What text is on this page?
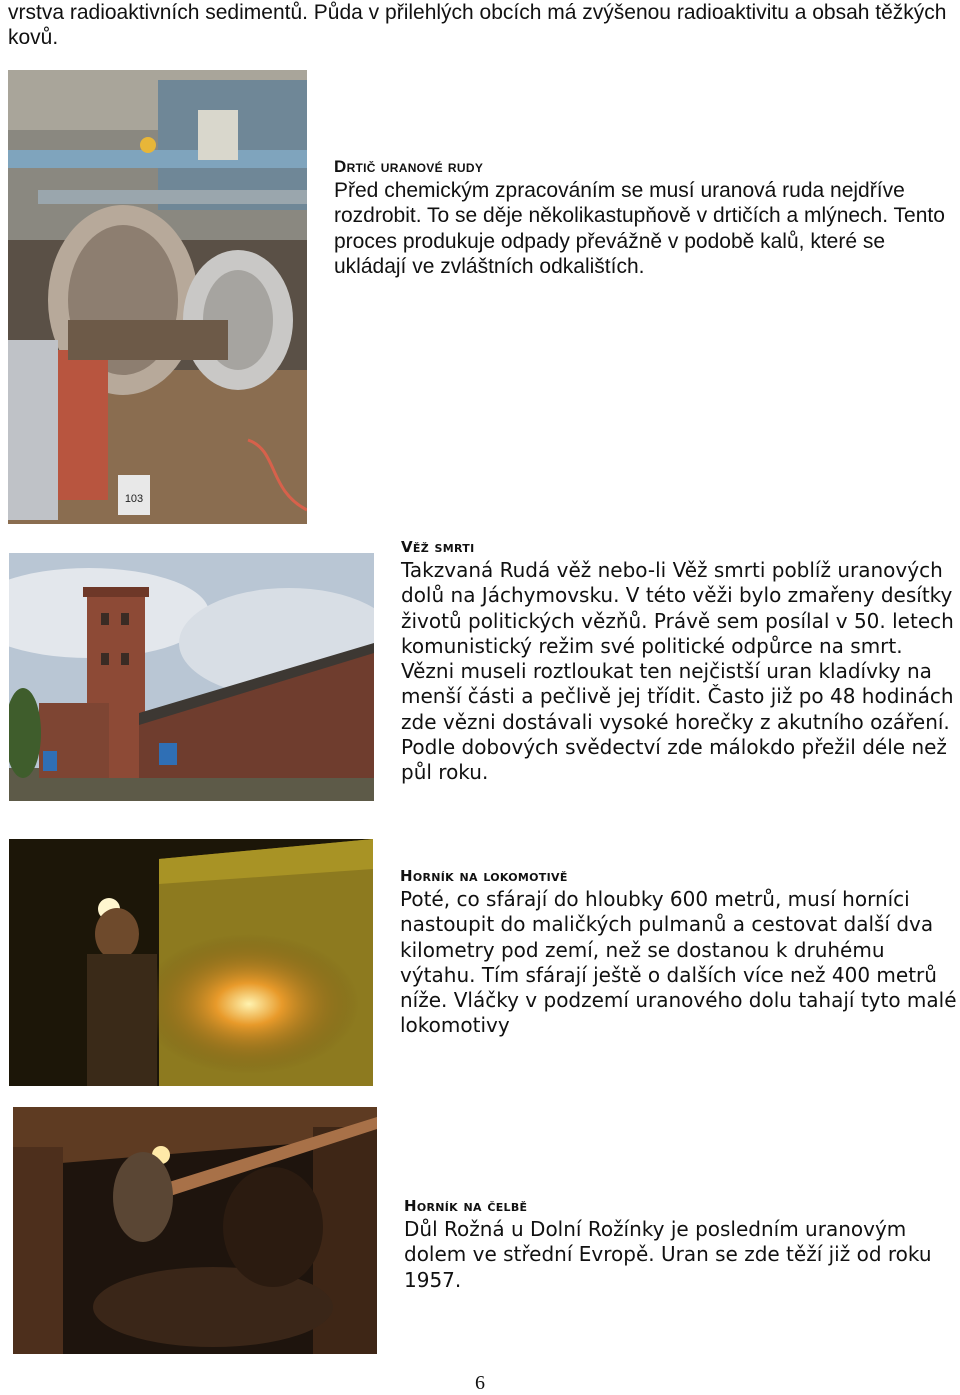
vrstva radioaktivních sedimentů. Půda v přilehlých obcích má zvýšenou radioaktivitu a obsah těžkých kovů.
103
Drtič uranové rudy
Před chemickým zpracováním se musí uranová ruda nejdříve rozdrobit. To se děje několikastupňově v drtičích a mlýnech. Tento proces produkuje odpady převážně v podobě kalů, které se ukládají ve zvláštních odkalištích.
Věž smrti
Takzvaná Rudá věž nebo-li Věž smrti poblíž uranových dolů na Jáchymovsku. V této věži bylo zmařeny desítky životů politických vězňů. Právě sem posílal v 50. letech komunistický režim své politické odpůrce na smrt. Vězni museli roztloukat ten nejčistší uran kladívky na menší části a pečlivě jej třídit. Často již po 48 hodinách zde vězni dostávali vysoké horečky z akutního ozáření. Podle dobových svědectví zde málokdo přežil déle než půl roku.
Horník na lokomotivě
Poté, co sfárají do hloubky 600 metrů, musí horníci nastoupit do maličkých pulmanů a cestovat další dva kilometry pod zemí, než se dostanou k druhému výtahu. Tím sfárají ještě o dalších více než 400 metrů níže. Vláčky v podzemí uranového dolu tahají tyto malé lokomotivy
Horník na čelbě
Důl Rožná u Dolní Rožínky je posledním uranovým dolem ve střední Evropě. Uran se zde těží již od roku 1957.
6
